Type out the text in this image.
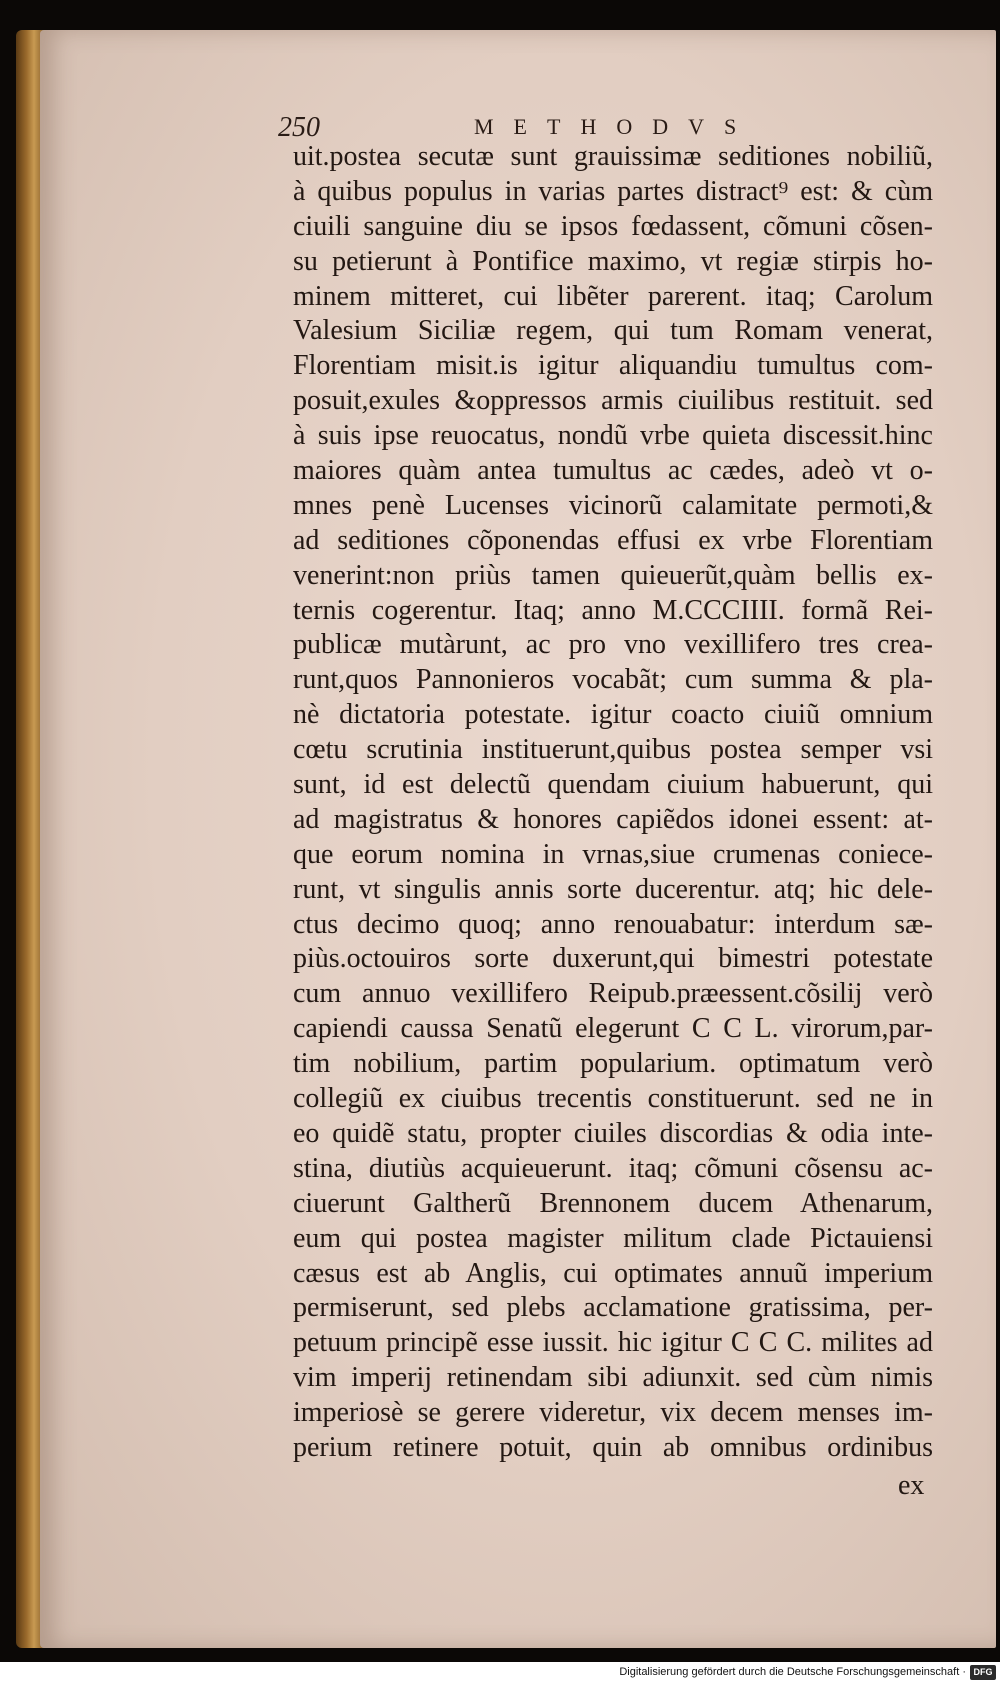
250	METHODVS
uit.postea secutæ sunt grauissimæ seditiones nobiliũ,
à quibus populus in varias partes distract⁹ est: & cùm
ciuili sanguine diu se ipsos fœdassent, cõmuni cõsen-
su petierunt à Pontifice maximo, vt regiæ stirpis ho-
minem mitteret, cui libẽter parerent. itaq; Carolum
Valesium Siciliæ regem, qui tum Romam venerat,
Florentiam misit.is igitur aliquandiu tumultus com-
posuit,exules &oppressos armis ciuilibus restituit. sed
à suis ipse reuocatus, nondũ vrbe quieta discessit.hinc
maiores quàm antea tumultus ac cædes, adeò vt o-
mnes penè Lucenses vicinorũ calamitate permoti,&
ad seditiones cõponendas effusi ex vrbe Florentiam
venerint:non priùs tamen quieuerũt,quàm bellis ex-
ternis cogerentur. Itaq; anno M.CCCIIII. formã Rei-
publicæ mutàrunt, ac pro vno vexillifero tres crea-
runt,quos Pannonieros vocabãt; cum summa & pla-
nè dictatoria potestate. igitur coacto ciuiũ omnium
cœtu scrutinia instituerunt,quibus postea semper vsi
sunt, id est delectũ quendam ciuium habuerunt, qui
ad magistratus & honores capiẽdos idonei essent: at-
que eorum nomina in vrnas,siue crumenas coniece-
runt, vt singulis annis sorte ducerentur. atq; hic dele-
ctus decimo quoq; anno renouabatur: interdum sæ-
piùs.octouiros sorte duxerunt,qui bimestri potestate
cum annuo vexillifero Reipub.præessent.cõsilij verò
capiendi caussa Senatũ elegerunt C C L. virorum,par-
tim nobilium, partim popularium. optimatum verò
collegiũ ex ciuibus trecentis constituerunt. sed ne in
eo quidẽ statu, propter ciuiles discordias & odia inte-
stina, diutiùs acquieuerunt. itaq; cõmuni cõsensu ac-
ciuerunt Galtherũ Brennonem ducem Athenarum,
eum qui postea magister militum clade Pictauiensi
cæsus est ab Anglis, cui optimates annuũ imperium
permiserunt, sed plebs acclamatione gratissima, per-
petuum principẽ esse iussit. hic igitur C C C. milites ad
vim imperij retinendam sibi adiunxit. sed cùm nimis
imperiosè se gerere videretur, vix decem menses im-
perium retinere potuit, quin ab omnibus ordinibus
ex
Digitalisierung gefördert durch die Deutsche Forschungsgemeinschaft · DFG
